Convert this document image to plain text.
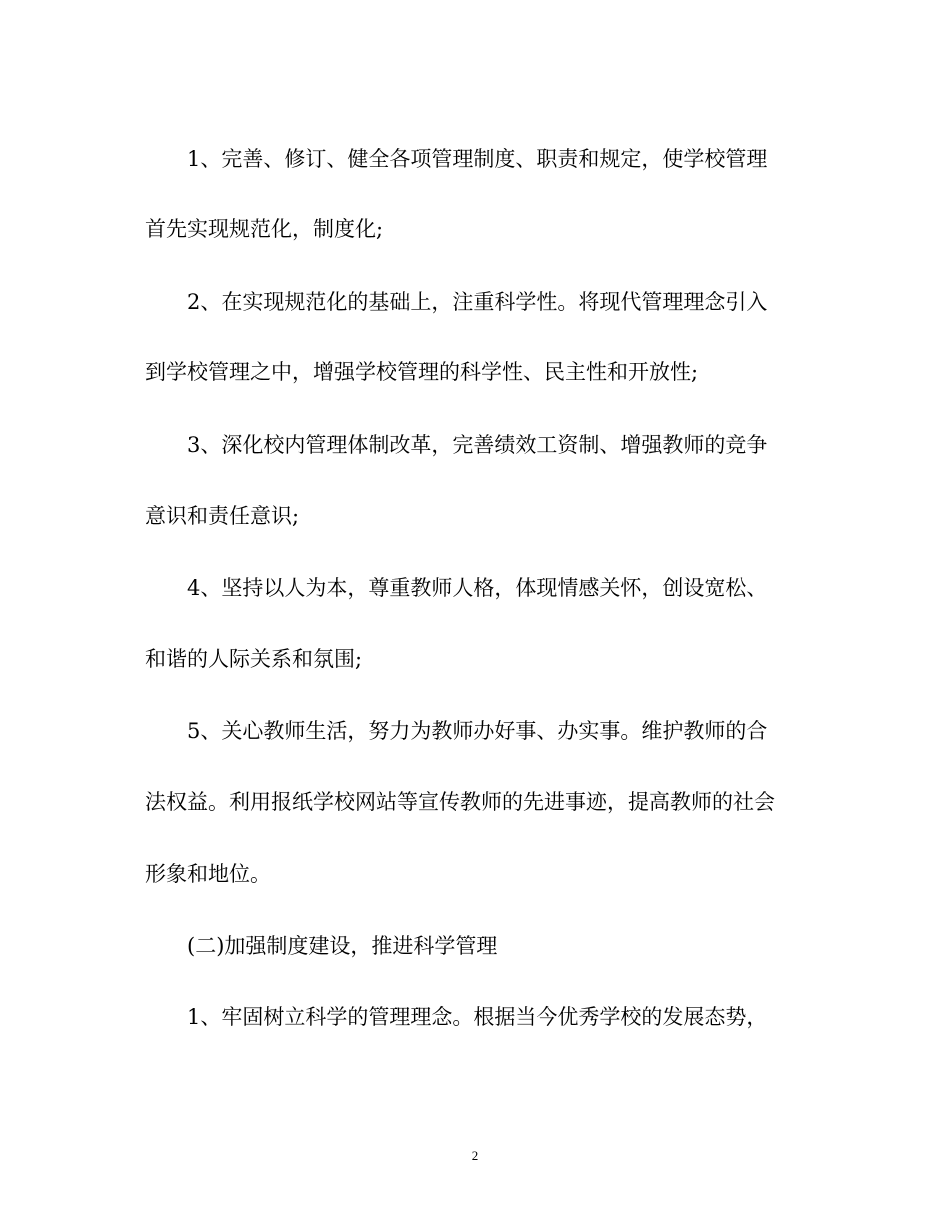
1、完善、修订、健全各项管理制度、职责和规定，使学校管理
首先实现规范化，制度化;
2、在实现规范化的基础上，注重科学性。将现代管理理念引入
到学校管理之中，增强学校管理的科学性、民主性和开放性;
3、深化校内管理体制改革，完善绩效工资制、增强教师的竞争
意识和责任意识;
4、坚持以人为本，尊重教师人格，体现情感关怀，创设宽松、
和谐的人际关系和氛围;
5、关心教师生活，努力为教师办好事、办实事。维护教师的合
法权益。利用报纸学校网站等宣传教师的先进事迹，提高教师的社会
形象和地位。
(二)加强制度建设，推进科学管理
1、牢固树立科学的管理理念。根据当今优秀学校的发展态势，
2
